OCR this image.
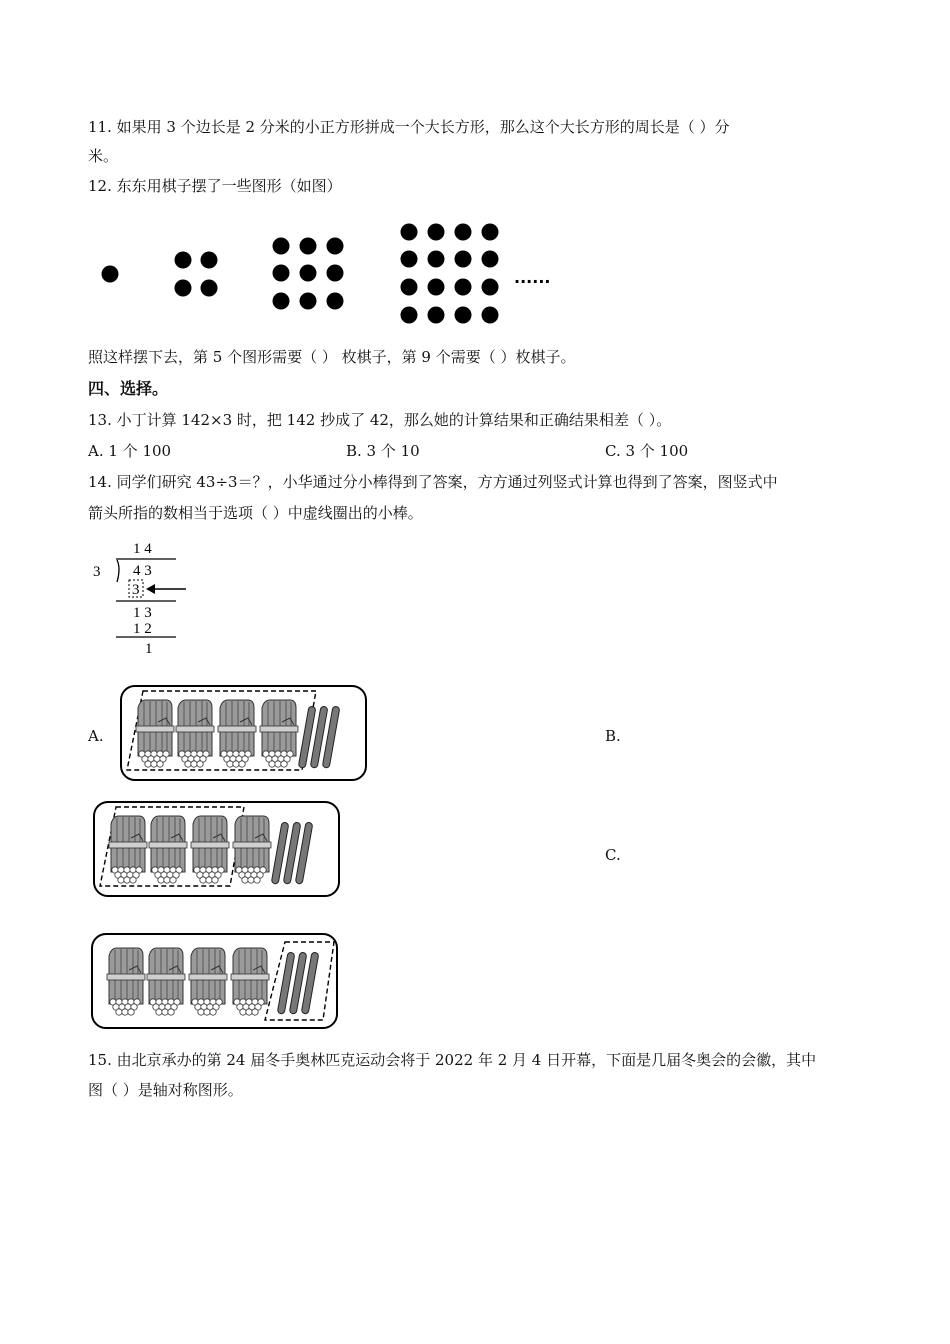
11. 如果用 3 个边长是 2 分米的小正方形拼成一个大长方形，那么这个大长方形的周长是（ ）分
米。
12. 东东用棋子摆了一些图形（如图）
······
照这样摆下去，第 5 个图形需要（ ） 枚棋子，第 9 个需要（ ）枚棋子。
四、选择。
13. 小丁计算 142×3 时，把 142 抄成了 42，那么她的计算结果和正确结果相差（ ）。
A. 1 个 100	B. 3 个 10	C. 3 个 100
14. 同学们研究 43÷3＝？，小华通过分小棒得到了答案，方方通过列竖式计算也得到了答案，图竖式中
箭头所指的数相当于选项（ ）中虚线圈出的小棒。
1 4
3 4 3
3
1 3
1 2
1
A.	B.
C.
15. 由北京承办的第 24 届冬手奥林匹克运动会将于 2022 年 2 月 4 日开幕，下面是几届冬奥会的会徽，其中
图（ ）是轴对称图形。
